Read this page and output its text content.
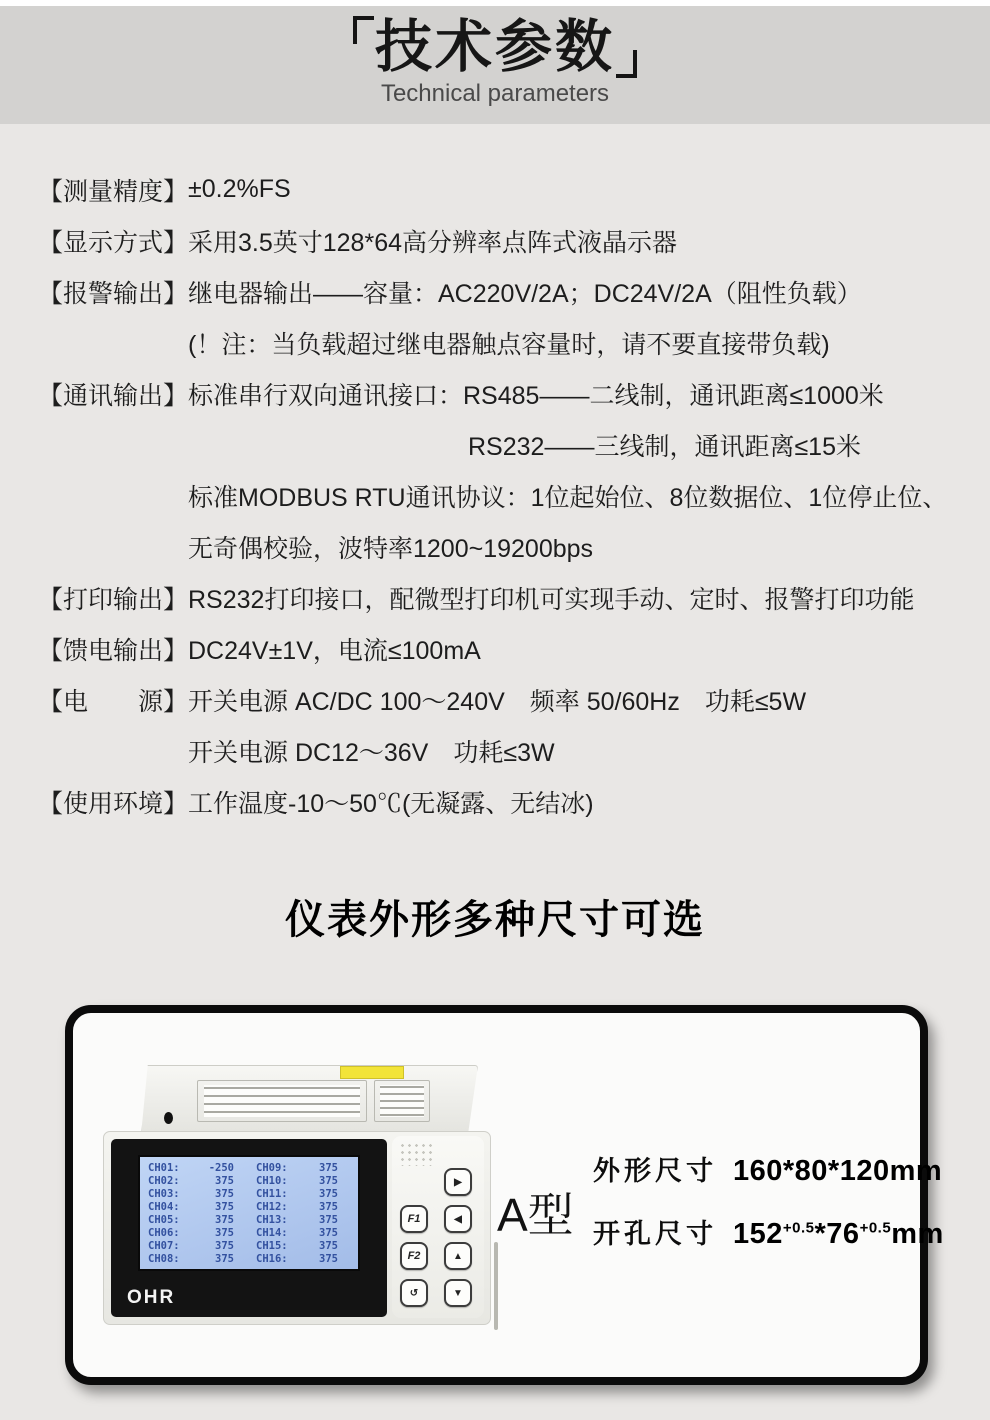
技术参数
Technical parameters
【测量精度】 ±0.2%FS
【显示方式】 采用3.5英寸128*64高分辨率点阵式液晶示器
【报警输出】 继电器输出——容量：AC220V/2A；DC24V/2A（阻性负载）
(！注：当负载超过继电器触点容量时，请不要直接带负载)
【通讯输出】 标准串行双向通讯接口：RS485——二线制，通讯距离≤1000米
RS232——三线制，通讯距离≤15米
标准MODBUS RTU通讯协议：1位起始位、8位数据位、1位停止位、
无奇偶校验，波特率1200~19200bps
【打印输出】 RS232打印接口，配微型打印机可实现手动、定时、报警打印功能
【馈电输出】 DC24V±1V，电流≤100mA
【电　　源】 开关电源 AC/DC 100～240V　频率 50/60Hz　功耗≤5W
开关电源 DC12～36V　功耗≤3W
【使用环境】 工作温度-10～50℃(无凝露、无结冰)
仪表外形多种尺寸可选
CH01:	-250 CH09:	375
CH02:	375 CH10:	375
CH03:	375 CH11:	375
CH04:	375 CH12:	375
CH05:	375 CH13:	375
CH06:	375 CH14:	375
CH07:	375 CH15:	375
CH08:	375 CH16:	375
OHR
▶
F1	◀
F2	▲
↺	▼
A型
外形尺寸 160*80*120mm
开孔尺寸 $152^{+0.5}*76^{+0.5}mm$
